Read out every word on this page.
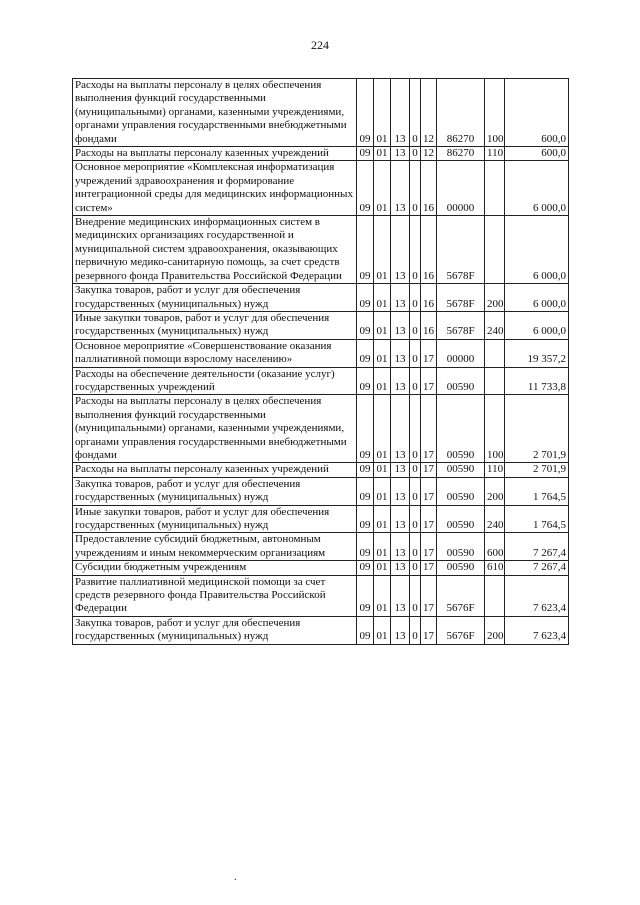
224
Расходы на выплаты персоналу в целях обеспечения выполнения функций государственными (муниципальными) органами, казенными учреждениями, органами управления государственными внебюджетными фондами	09	01	13	0	12	86270	100	600,0
Расходы на выплаты персоналу казенных учреждений	09	01	13	0	12	86270	110	600,0
Основное мероприятие «Комплексная информатизация учреждений здравоохранения и формирование интеграционной среды для медицинских информационных систем»	09	01	13	0	16	00000		6 000,0
Внедрение медицинских информационных систем в медицинских организациях государственной и муниципальной систем здравоохранения, оказывающих первичную медико-санитарную помощь, за счет средств резервного фонда Правительства Российской Федерации	09	01	13	0	16	5678F		6 000,0
Закупка товаров, работ и услуг для обеспечения государственных (муниципальных) нужд	09	01	13	0	16	5678F	200	6 000,0
Иные закупки товаров, работ и услуг для обеспечения государственных (муниципальных) нужд	09	01	13	0	16	5678F	240	6 000,0
Основное мероприятие «Совершенствование оказания паллиативной помощи взрослому населению»	09	01	13	0	17	00000		19 357,2
Расходы на обеспечение деятельности (оказание услуг) государственных учреждений	09	01	13	0	17	00590		11 733,8
Расходы на выплаты персоналу в целях обеспечения выполнения функций государственными (муниципальными) органами, казенными учреждениями, органами управления государственными внебюджетными фондами	09	01	13	0	17	00590	100	2 701,9
Расходы на выплаты персоналу казенных учреждений	09	01	13	0	17	00590	110	2 701,9
Закупка товаров, работ и услуг для обеспечения государственных (муниципальных) нужд	09	01	13	0	17	00590	200	1 764,5
Иные закупки товаров, работ и услуг для обеспечения государственных (муниципальных) нужд	09	01	13	0	17	00590	240	1 764,5
Предоставление субсидий бюджетным, автономным учреждениям и иным некоммерческим организациям	09	01	13	0	17	00590	600	7 267,4
Субсидии бюджетным учреждениям	09	01	13	0	17	00590	610	7 267,4
Развитие паллиативной медицинской помощи за счет средств резервного фонда Правительства Российской Федерации	09	01	13	0	17	5676F		7 623,4
Закупка товаров, работ и услуг для обеспечения государственных (муниципальных) нужд	09	01	13	0	17	5676F	200	7 623,4
.
